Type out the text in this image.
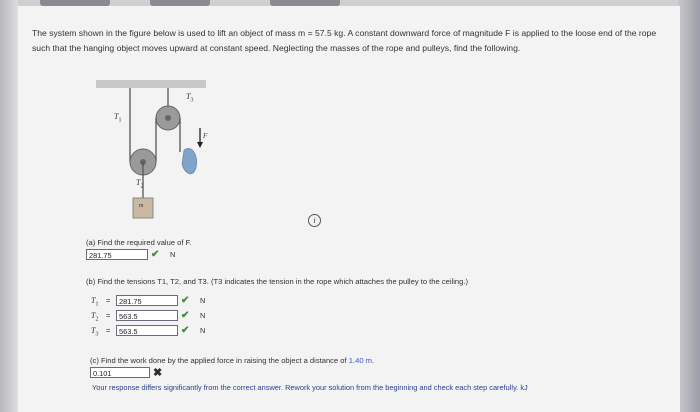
The system shown in the figure below is used to lift an object of mass m = 57.5 kg. A constant downward force of magnitude F is applied to the loose end of the rope such that the hanging object moves upward at constant speed. Neglecting the masses of the rope and pulleys, find the following.
$T_3$
$T_1$
$T_2$
F
m
i
(a) Find the required value of F.
281.75	✔ N
(b) Find the tensions T1, T2, and T3. (T3 indicates the tension in the rope which attaches the pulley to the ceiling.)
$T_1$ =	281.75	✔ N
$T_2$ =	563.5	✔ N
$T_3$ =	563.5	✔ N
(c) Find the work done by the applied force in raising the object a distance of 1.40 m.
0.101	✖
Your response differs significantly from the correct answer. Rework your solution from the beginning and check each step carefully. kJ
